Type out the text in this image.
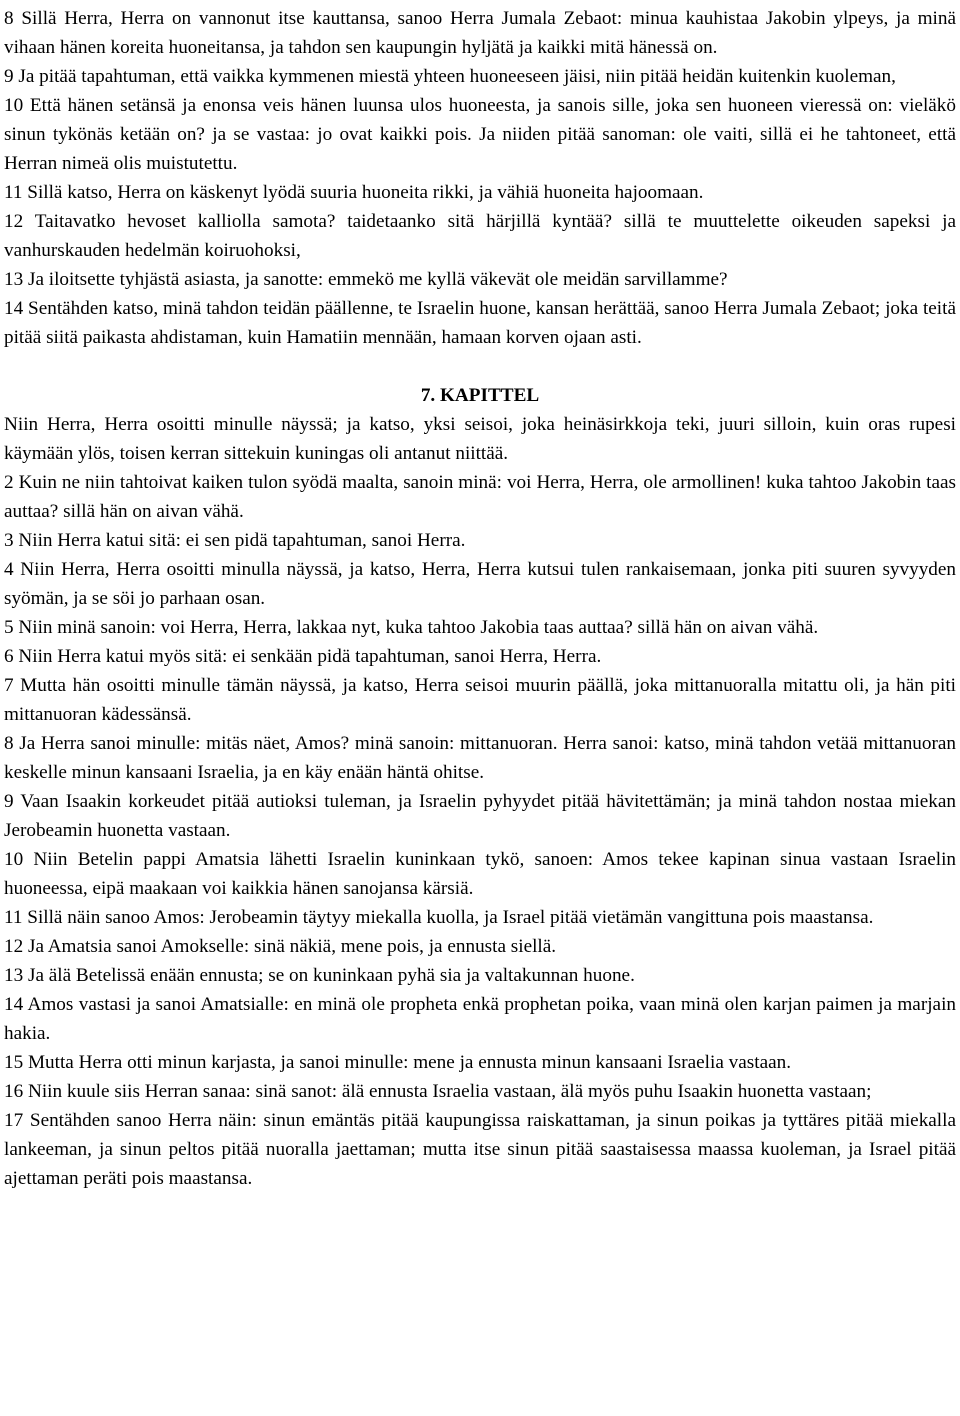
8 Sillä Herra, Herra on vannonut itse kauttansa, sanoo Herra Jumala Zebaot: minua kauhistaa Jakobin ylpeys, ja minä vihaan hänen koreita huoneitansa, ja tahdon sen kaupungin hyljätä ja kaikki mitä hänessä on.

9 Ja pitää tapahtuman, että vaikka kymmenen miestä yhteen huoneeseen jäisi, niin pitää heidän kuitenkin kuoleman,

10 Että hänen setänsä ja enonsa veis hänen luunsa ulos huoneesta, ja sanois sille, joka sen huoneen vieressä on: vieläkö sinun tykönäs ketään on? ja se vastaa: jo ovat kaikki pois. Ja niiden pitää sanoman: ole vaiti, sillä ei he tahtoneet, että Herran nimeä olis muistutettu.

11 Sillä katso, Herra on käskenyt lyödä suuria huoneita rikki, ja vähiä huoneita hajoomaan.

12 Taitavatko hevoset kalliolla samota? taidetaanko sitä härjillä kyntää? sillä te muuttelette oikeuden sapeksi ja vanhurskauden hedelmän koiruohoksi,

13 Ja iloitsette tyhjästä asiasta, ja sanotte: emmekö me kyllä väkevät ole meidän sarvillamme?

14 Sentähden katso, minä tahdon teidän päällenne, te Israelin huone, kansan herättää, sanoo Herra Jumala Zebaot; joka teitä pitää siitä paikasta ahdistaman, kuin Hamatiin mennään, hamaan korven ojaan asti.

7. KAPITTEL

Niin Herra, Herra osoitti minulle näyssä; ja katso, yksi seisoi, joka heinäsirkkoja teki, juuri silloin, kuin oras rupesi käymään ylös, toisen kerran sittekuin kuningas oli antanut niittää.

2 Kuin ne niin tahtoivat kaiken tulon syödä maalta, sanoin minä: voi Herra, Herra, ole armollinen! kuka tahtoo Jakobin taas auttaa? sillä hän on aivan vähä.

3 Niin Herra katui sitä: ei sen pidä tapahtuman, sanoi Herra.

4 Niin Herra, Herra osoitti minulla näyssä, ja katso, Herra, Herra kutsui tulen rankaisemaan, jonka piti suuren syvyyden syömän, ja se söi jo parhaan osan.

5 Niin minä sanoin: voi Herra, Herra, lakkaa nyt, kuka tahtoo Jakobia taas auttaa? sillä hän on aivan vähä.

6 Niin Herra katui myös sitä: ei senkään pidä tapahtuman, sanoi Herra, Herra.

7 Mutta hän osoitti minulle tämän näyssä, ja katso, Herra seisoi muurin päällä, joka mittanuoralla mitattu oli, ja hän piti mittanuoran kädessänsä.

8 Ja Herra sanoi minulle: mitäs näet, Amos? minä sanoin: mittanuoran. Herra sanoi: katso, minä tahdon vetää mittanuoran keskelle minun kansaani Israelia, ja en käy enään häntä ohitse.

9 Vaan Isaakin korkeudet pitää autioksi tuleman, ja Israelin pyhyydet pitää hävitettämän; ja minä tahdon nostaa miekan Jerobeamin huonetta vastaan.

10 Niin Betelin pappi Amatsia lähetti Israelin kuninkaan tykö, sanoen: Amos tekee kapinan sinua vastaan Israelin huoneessa, eipä maakaan voi kaikkia hänen sanojansa kärsiä.

11 Sillä näin sanoo Amos: Jerobeamin täytyy miekalla kuolla, ja Israel pitää vietämän vangittuna pois maastansa.

12 Ja Amatsia sanoi Amokselle: sinä näkiä, mene pois, ja ennusta siellä.

13 Ja älä Betelissä enään ennusta; se on kuninkaan pyhä sia ja valtakunnan huone.

14 Amos vastasi ja sanoi Amatsialle: en minä ole propheta enkä prophetan poika, vaan minä olen karjan paimen ja marjain hakia.

15 Mutta Herra otti minun karjasta, ja sanoi minulle: mene ja ennusta minun kansaani Israelia vastaan.

16 Niin kuule siis Herran sanaa: sinä sanot: älä ennusta Israelia vastaan, älä myös puhu Isaakin huonetta vastaan;

17 Sentähden sanoo Herra näin: sinun emäntäs pitää kaupungissa raiskattaman, ja sinun poikas ja tyttäres pitää miekalla lankeeman, ja sinun peltos pitää nuoralla jaettaman; mutta itse sinun pitää saastaisessa maassa kuoleman, ja Israel pitää ajettaman peräti pois maastansa.
